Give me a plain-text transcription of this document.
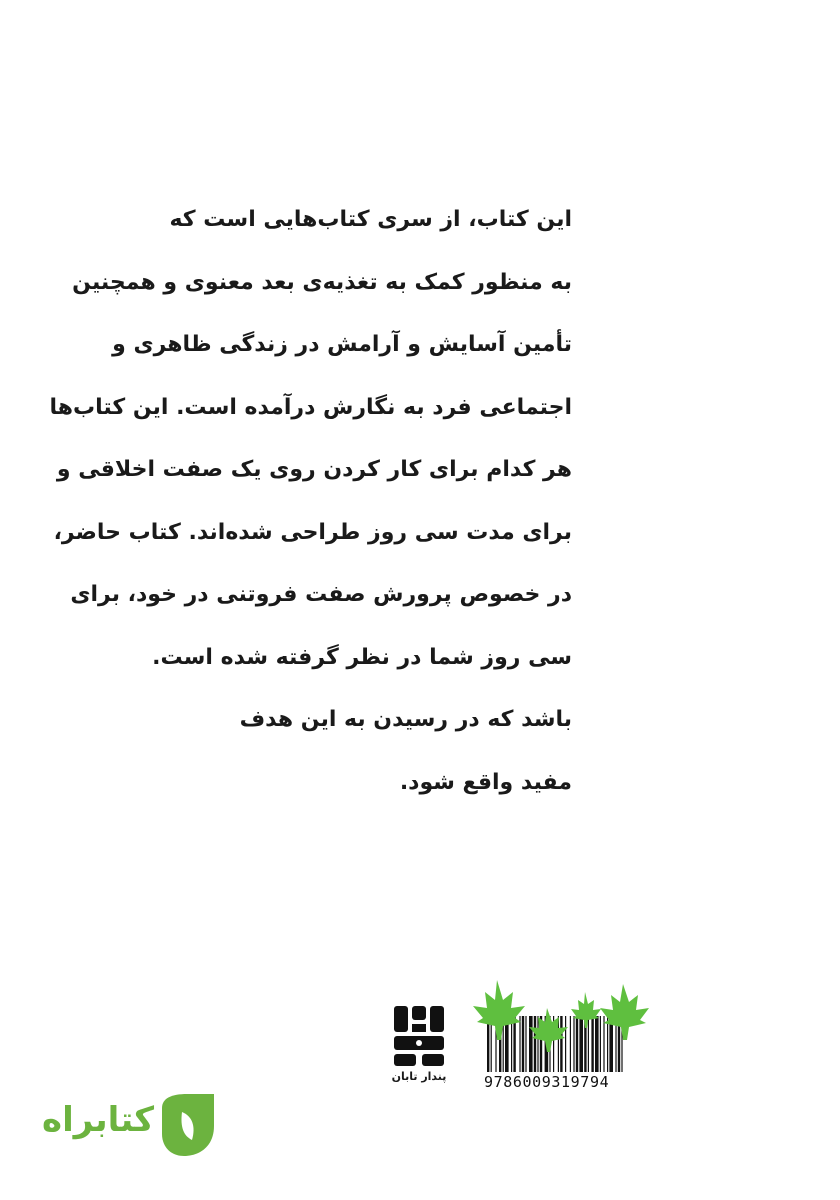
این کتاب، از سری کتاب‌هایی است که
به منظور کمک به تغذیه‌ی بعد معنوی و همچنین
تأمین آسایش و آرامش در زندگی ظاهری و
اجتماعی فرد به نگارش درآمده است. این کتاب‌ها
هر کدام برای کار کردن روی یک صفت اخلاقی و
برای مدت سی روز طراحی شده‌اند. کتاب حاضر،
در خصوص پرورش صفت فروتنی در خود، برای
سی روز شما در نظر گرفته شده است.
باشد که در رسیدن به این هدف
مفید واقع شود.
پندار تابان	9786009319794
کتابراه
